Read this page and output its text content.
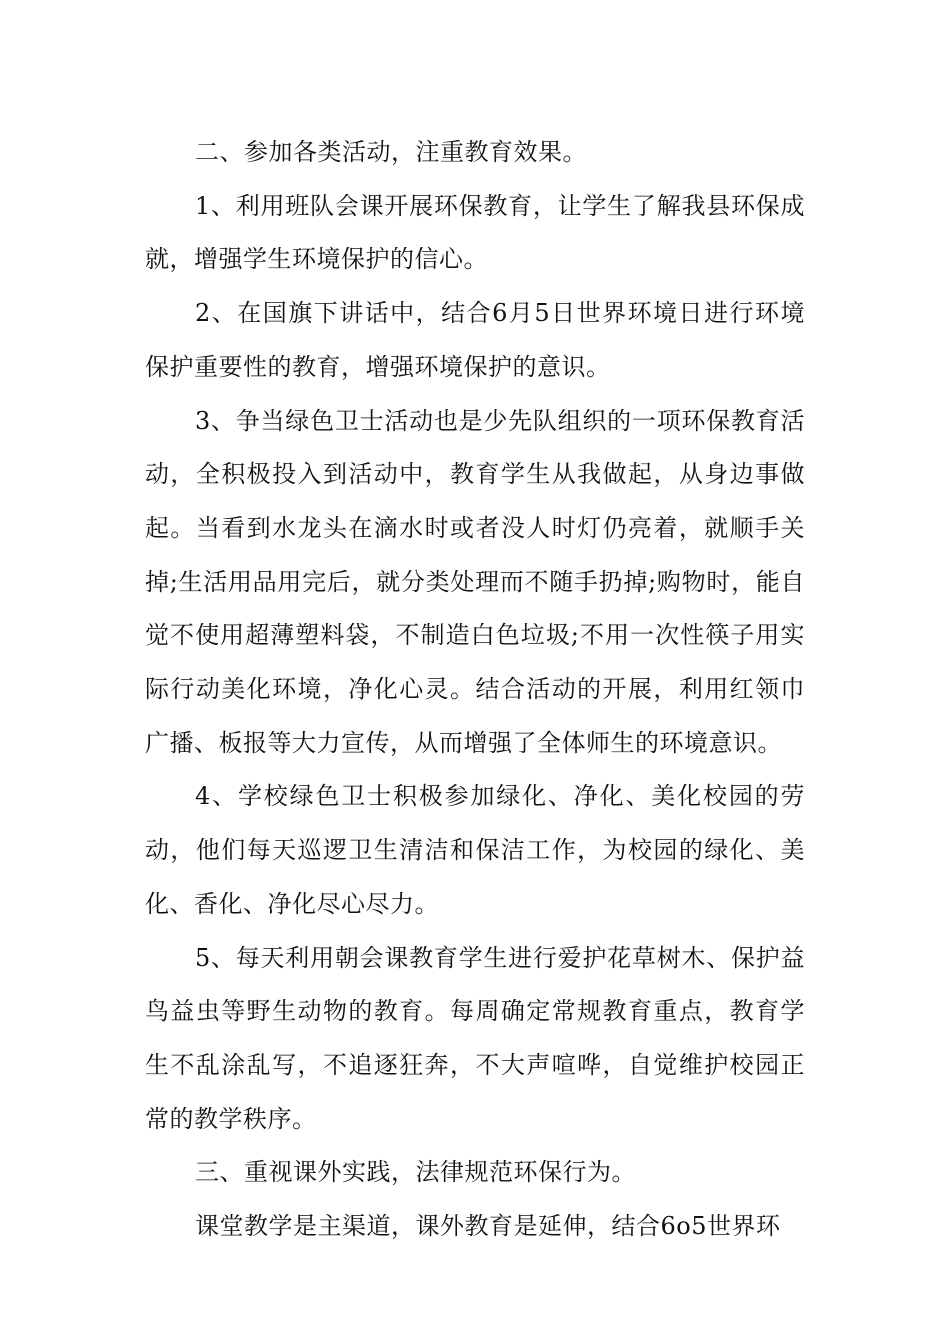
二、参加各类活动，注重教育效果。

1、利用班队会课开展环保教育，让学生了解我县环保成就，增强学生环境保护的信心。

2、在国旗下讲话中，结合6月5日世界环境日进行环境保护重要性的教育，增强环境保护的意识。

3、争当绿色卫士活动也是少先队组织的一项环保教育活动，全积极投入到活动中，教育学生从我做起，从身边事做起。当看到水龙头在滴水时或者没人时灯仍亮着，就顺手关掉;生活用品用完后，就分类处理而不随手扔掉;购物时，能自觉不使用超薄塑料袋，不制造白色垃圾;不用一次性筷子用实际行动美化环境，净化心灵。结合活动的开展，利用红领巾广播、板报等大力宣传，从而增强了全体师生的环境意识。

4、学校绿色卫士积极参加绿化、净化、美化校园的劳动，他们每天巡逻卫生清洁和保洁工作，为校园的绿化、美化、香化、净化尽心尽力。

5、每天利用朝会课教育学生进行爱护花草树木、保护益鸟益虫等野生动物的教育。每周确定常规教育重点，教育学生不乱涂乱写，不追逐狂奔，不大声喧哗，自觉维护校园正常的教学秩序。

三、重视课外实践，法律规范环保行为。

课堂教学是主渠道，课外教育是延伸，结合6o5世界环
